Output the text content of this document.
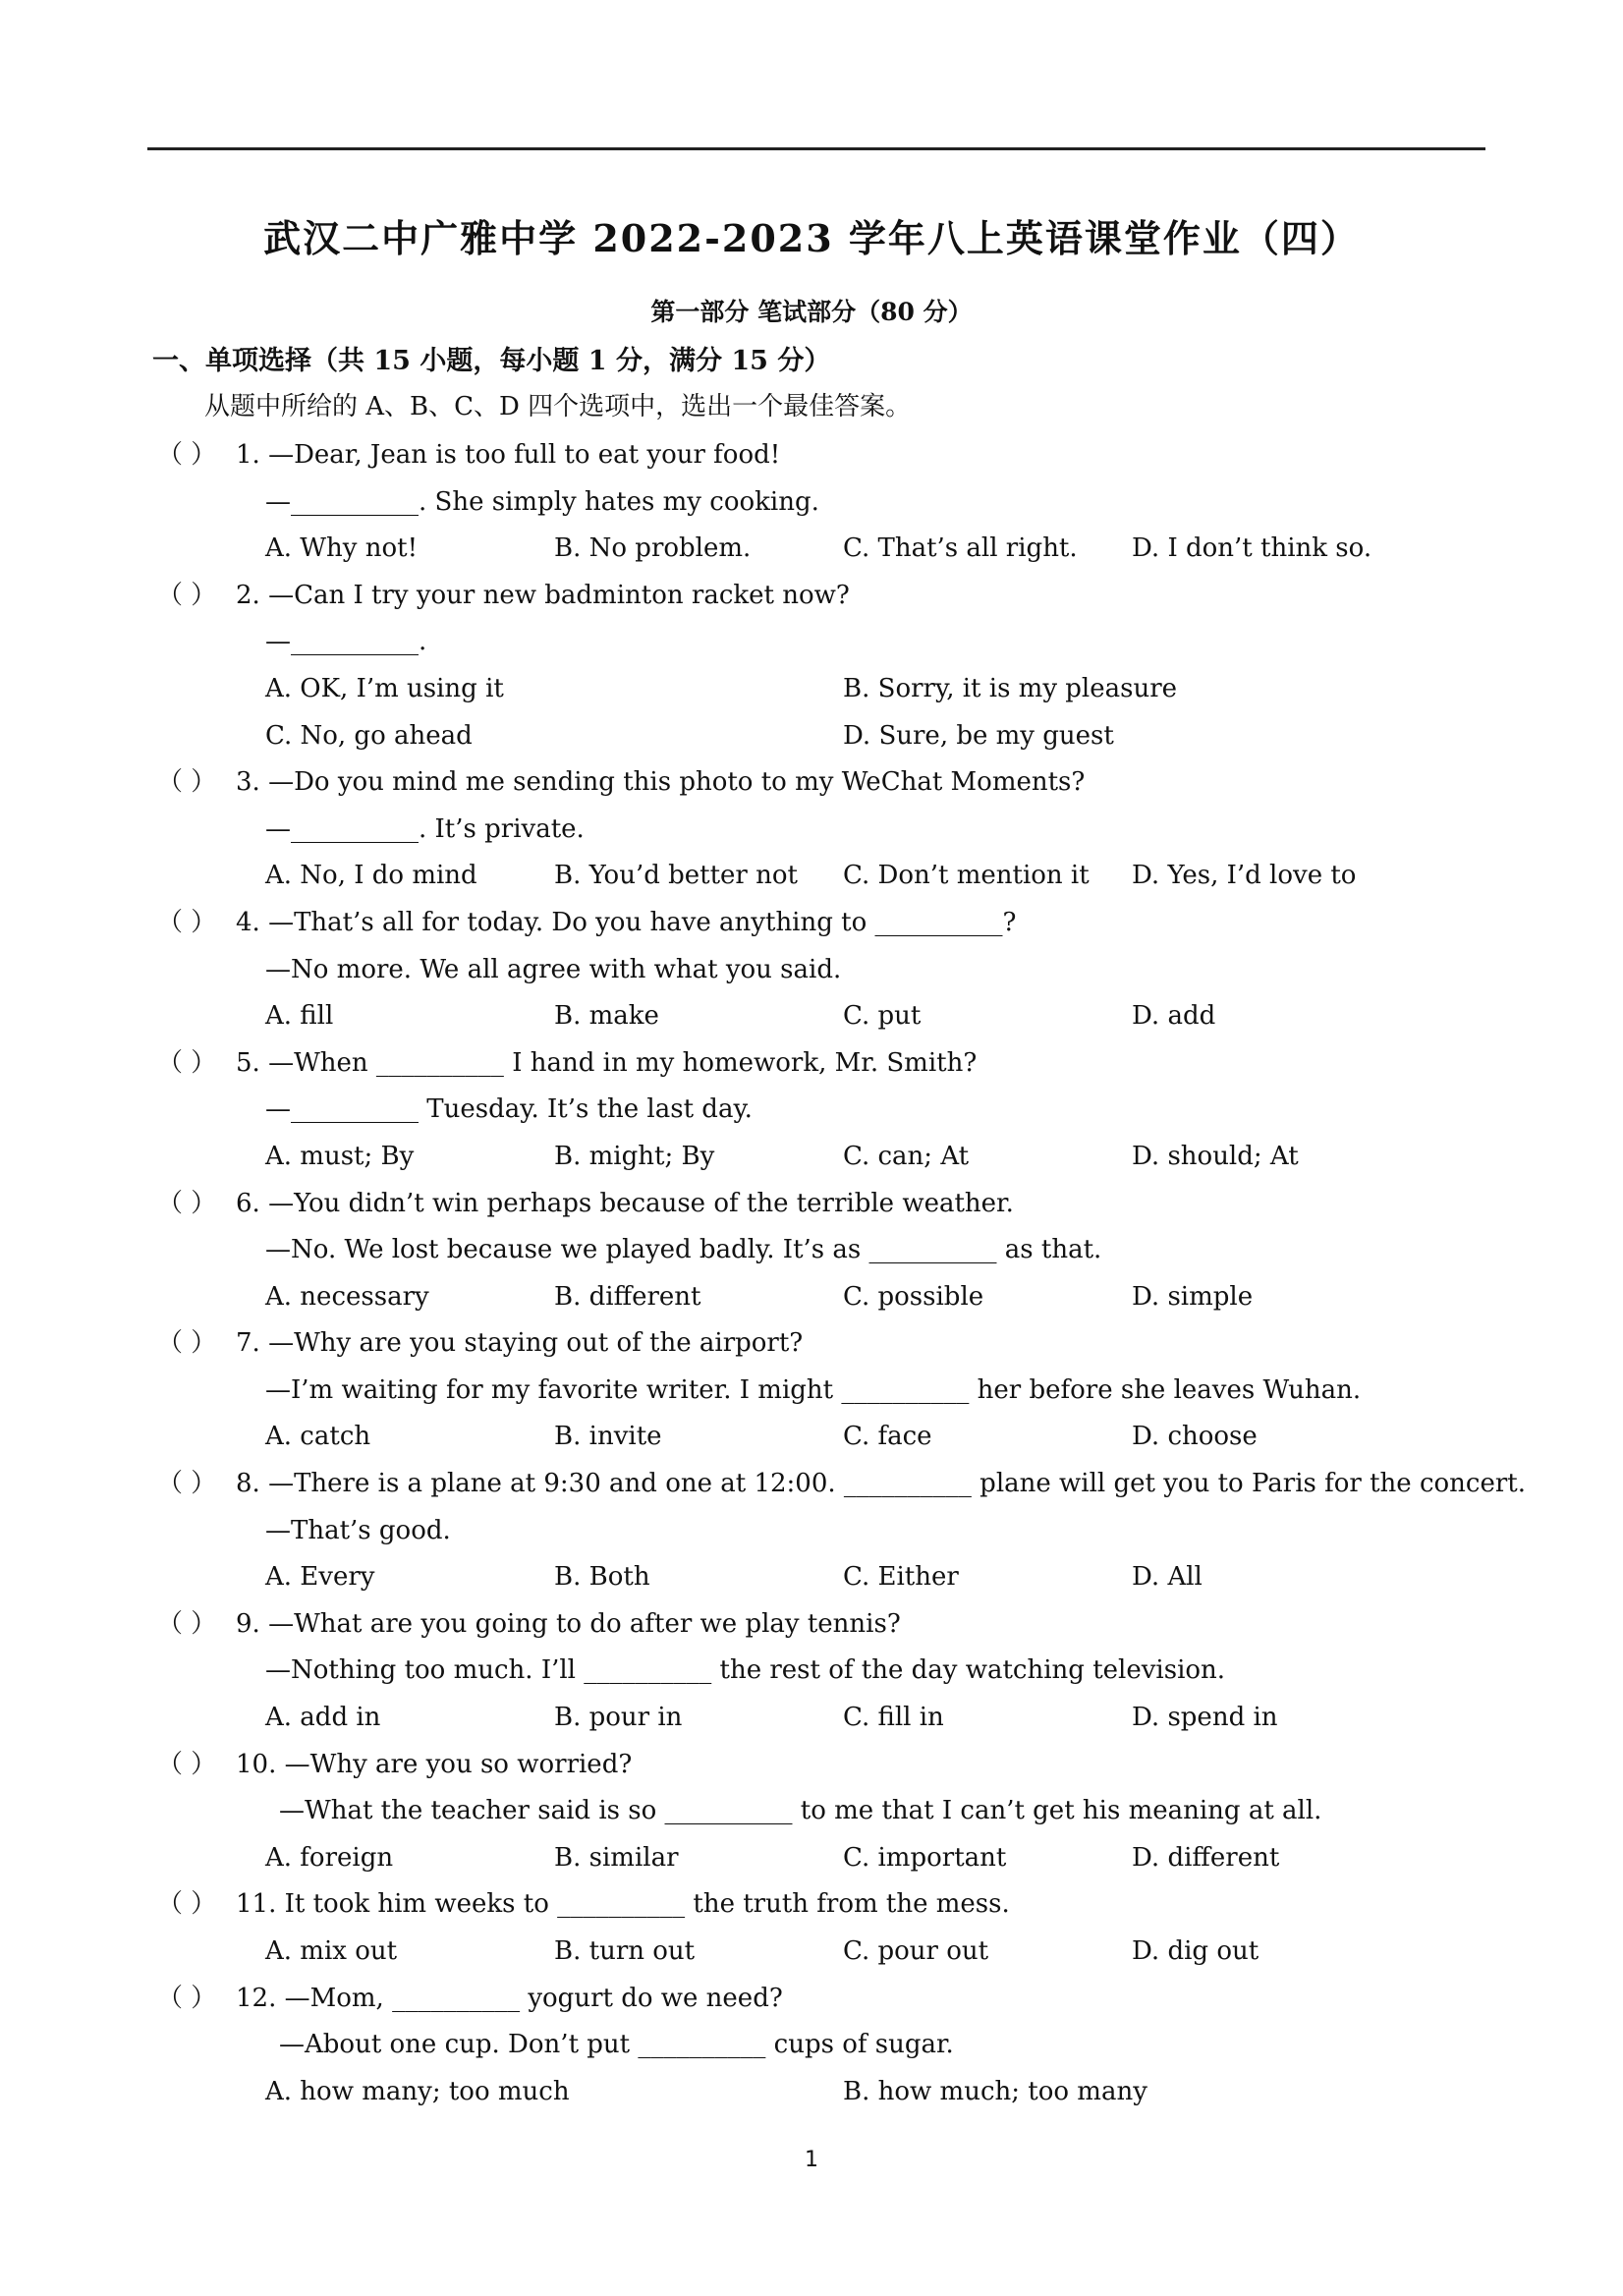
武汉二中广雅中学 2022-2023 学年八上英语课堂作业（四）
第一部分 笔试部分（80 分）
一、单项选择（共 15 小题，每小题 1 分，满分 15 分）
从题中所给的 A、B、C、D 四个选项中，选出一个最佳答案。
（ ） 1. —Dear, Jean is too full to eat your food!
—__________. She simply hates my cooking.
A. Why not!	B. No problem.	C. That’s all right.	D. I don’t think so.
（ ） 2. —Can I try your new badminton racket now?
—__________.
A. OK, I’m using it	B. Sorry, it is my pleasure
C. No, go ahead	D. Sure, be my guest
（ ） 3. —Do you mind me sending this photo to my WeChat Moments?
—__________. It’s private.
A. No, I do mind	B. You’d better not	C. Don’t mention it	D. Yes, I’d love to
（ ） 4. —That’s all for today. Do you have anything to __________?
—No more. We all agree with what you said.
A. fill	B. make	C. put	D. add
（ ） 5. —When __________ I hand in my homework, Mr. Smith?
—__________ Tuesday. It’s the last day.
A. must; By	B. might; By	C. can; At	D. should; At
（ ） 6. —You didn’t win perhaps because of the terrible weather.
—No. We lost because we played badly. It’s as __________ as that.
A. necessary	B. different	C. possible	D. simple
（ ） 7. —Why are you staying out of the airport?
—I’m waiting for my favorite writer. I might __________ her before she leaves Wuhan.
A. catch	B. invite	C. face	D. choose
（ ） 8. —There is a plane at 9:30 and one at 12:00. __________ plane will get you to Paris for the concert.
—That’s good.
A. Every	B. Both	C. Either	D. All
（ ） 9. —What are you going to do after we play tennis?
—Nothing too much. I’ll __________ the rest of the day watching television.
A. add in	B. pour in	C. fill in	D. spend in
（ ） 10. —Why are you so worried?
—What the teacher said is so __________ to me that I can’t get his meaning at all.
A. foreign	B. similar	C. important	D. different
（ ） 11. It took him weeks to __________ the truth from the mess.
A. mix out	B. turn out	C. pour out	D. dig out
（ ） 12. —Mom, __________ yogurt do we need?
—About one cup. Don’t put __________ cups of sugar.
A. how many; too much	B. how much; too many
1
